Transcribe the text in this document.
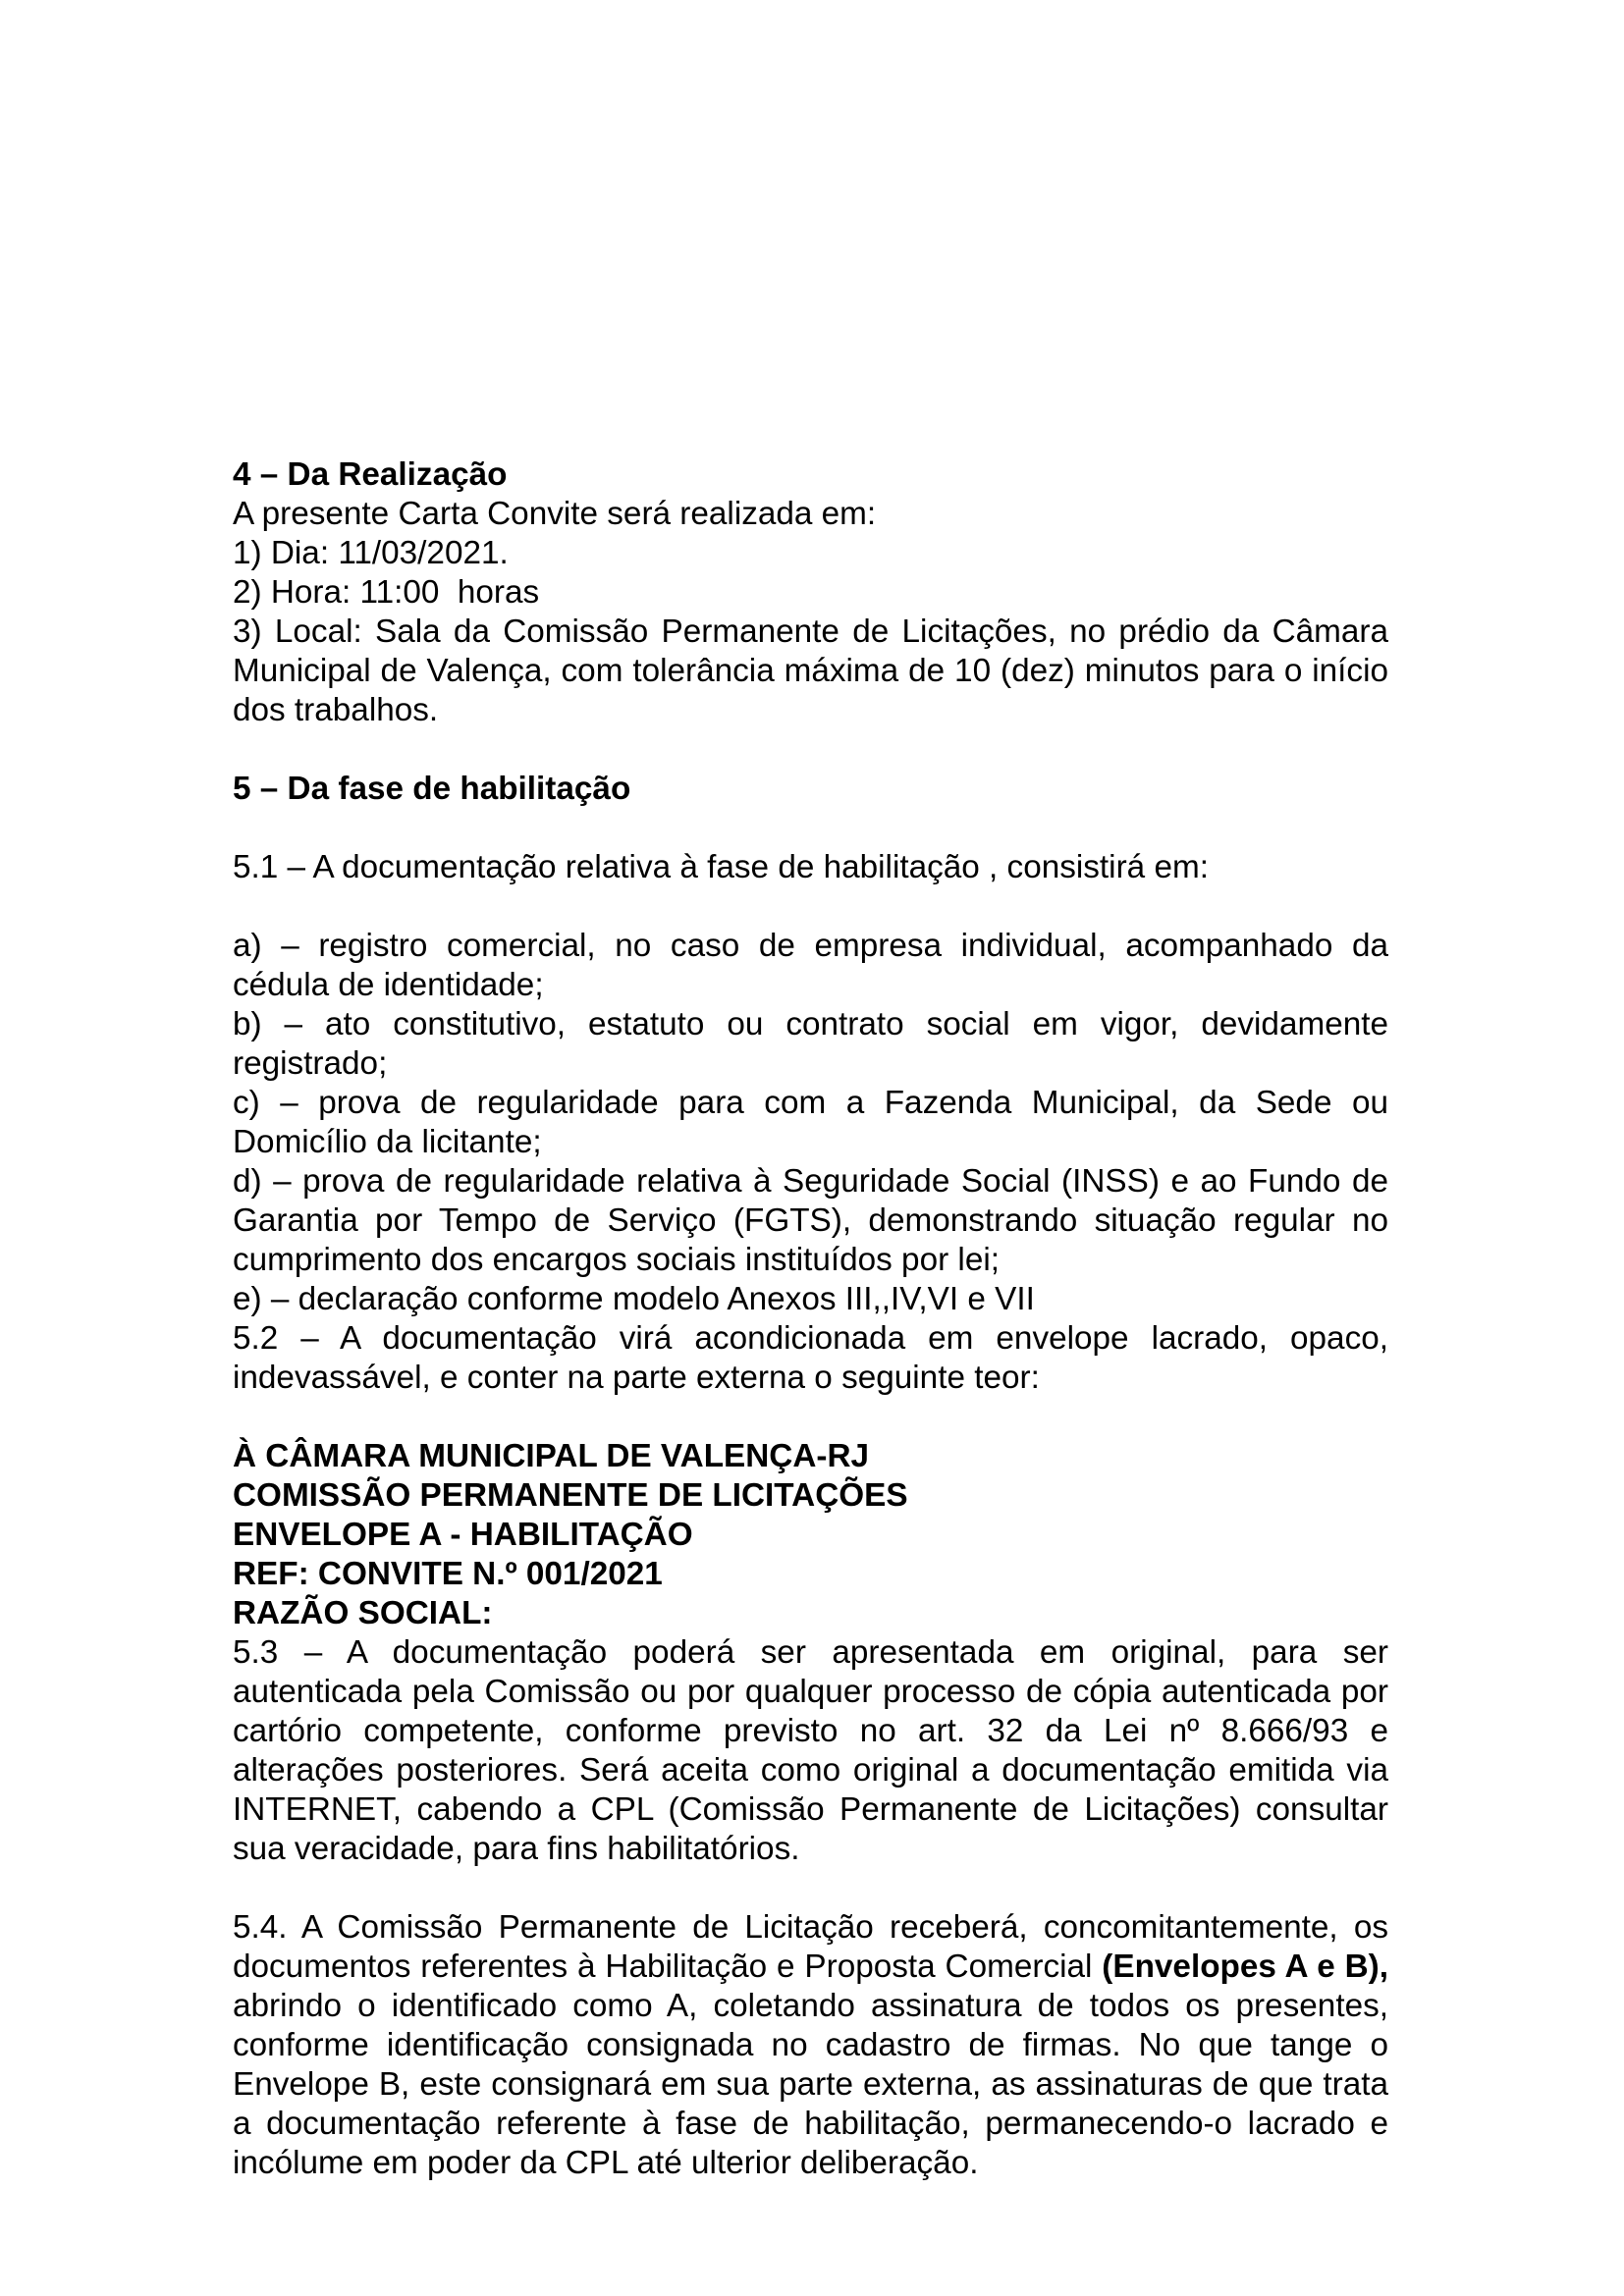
4 – Da Realização

A presente Carta Convite será realizada em:

1) Dia: 11/03/2021.

2) Hora: 11:00  horas

3) Local: Sala da Comissão Permanente de Licitações, no prédio da Câmara Municipal de Valença, com tolerância máxima de 10 (dez) minutos para o início dos trabalhos.

5 – Da fase de habilitação

5.1 – A documentação relativa à fase de habilitação , consistirá em:

a) – registro comercial, no caso de empresa individual, acompanhado da cédula de identidade;

b) – ato constitutivo, estatuto ou contrato social em vigor, devidamente registrado;

c) – prova de regularidade para com a Fazenda Municipal, da Sede ou Domicílio da licitante;

d) – prova de regularidade relativa à Seguridade Social (INSS) e ao Fundo de Garantia por Tempo de Serviço (FGTS), demonstrando situação regular no cumprimento dos encargos sociais instituídos por lei;

e) – declaração conforme modelo Anexos III,,IV,VI e VII

5.2 – A documentação virá acondicionada em envelope lacrado, opaco, indevassável, e conter na parte externa o seguinte teor:

À CÂMARA MUNICIPAL DE VALENÇA-RJ

COMISSÃO PERMANENTE DE LICITAÇÕES

ENVELOPE A - HABILITAÇÃO

REF: CONVITE N.º 001/2021

RAZÃO SOCIAL:

5.3 – A documentação poderá ser apresentada em original, para ser autenticada pela Comissão ou por qualquer processo de cópia autenticada por cartório competente, conforme previsto no art. 32 da Lei nº 8.666/93 e alterações posteriores. Será aceita como original a documentação emitida via INTERNET, cabendo a CPL (Comissão Permanente de Licitações) consultar sua veracidade, para fins habilitatórios.

5.4. A Comissão Permanente de Licitação receberá, concomitantemente, os documentos referentes à Habilitação e Proposta Comercial (Envelopes A e B), abrindo o identificado como A, coletando assinatura de todos os presentes, conforme identificação consignada no cadastro de firmas. No que tange o Envelope B, este consignará em sua parte externa, as assinaturas de que trata a documentação referente à fase de habilitação, permanecendo-o lacrado e incólume em poder da CPL até ulterior deliberação.
